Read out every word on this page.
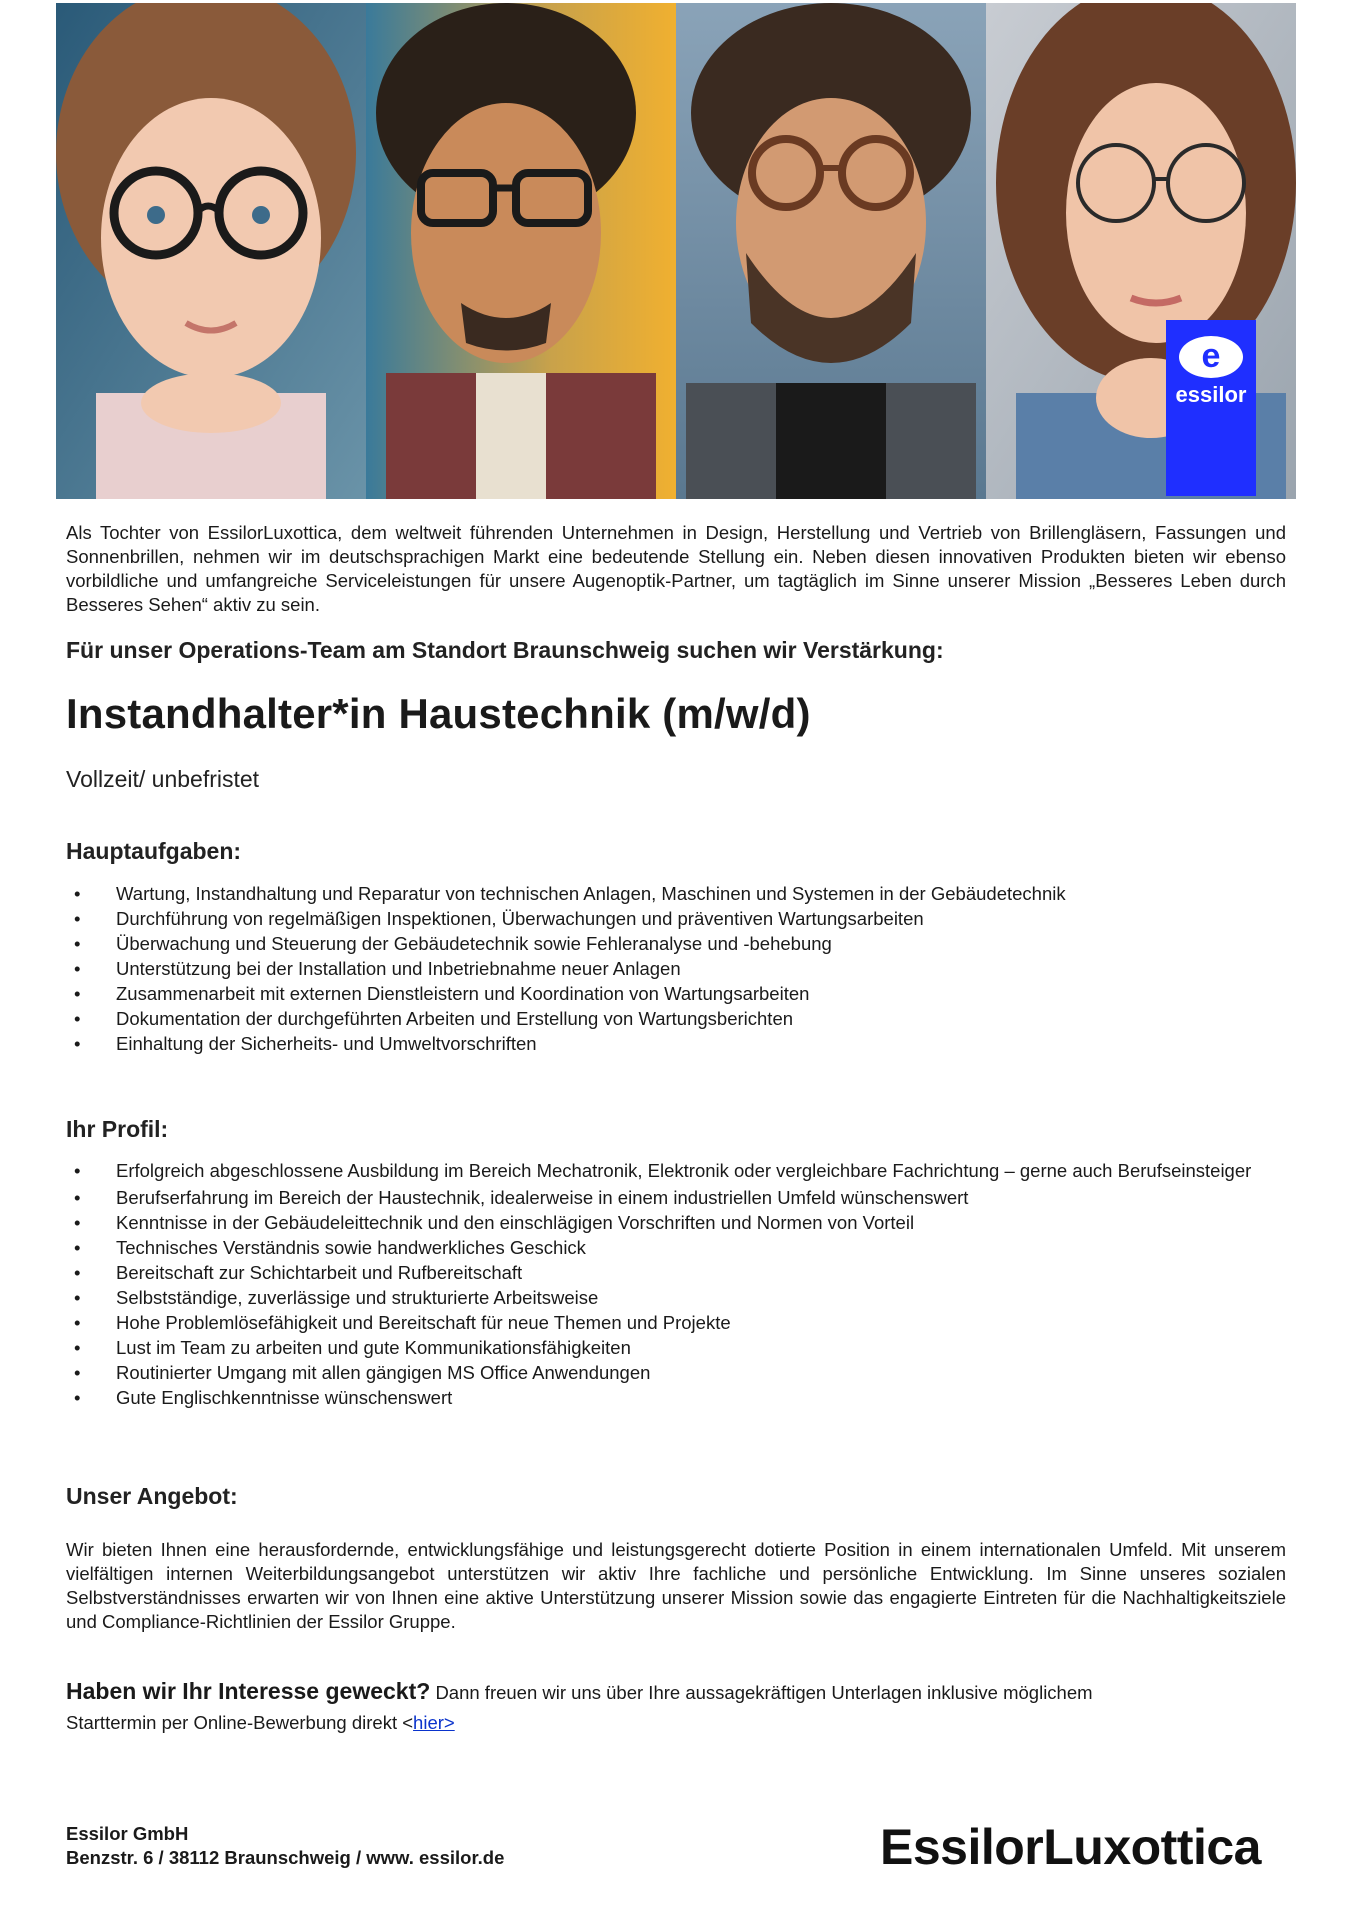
e
essilor

Als Tochter von EssilorLuxottica, dem weltweit führenden Unternehmen in Design, Herstellung und Vertrieb von Brillengläsern, Fassungen und Sonnenbrillen, nehmen wir im deutschsprachigen Markt eine bedeutende Stellung ein. Neben diesen innovativen Produkten bieten wir ebenso vorbildliche und umfangreiche Serviceleistungen für unsere Augenoptik-Partner, um tagtäglich im Sinne unserer Mission „Besseres Leben durch Besseres Sehen“ aktiv zu sein.

Für unser Operations-Team am Standort Braunschweig suchen wir Verstärkung:
Instandhalter*in Haustechnik (m/w/d)
Vollzeit/ unbefristet
Hauptaufgaben:
• Wartung, Instandhaltung und Reparatur von technischen Anlagen, Maschinen und Systemen in der Gebäudetechnik
• Durchführung von regelmäßigen Inspektionen, Überwachungen und präventiven Wartungsarbeiten
• Überwachung und Steuerung der Gebäudetechnik sowie Fehleranalyse und -behebung
• Unterstützung bei der Installation und Inbetriebnahme neuer Anlagen
• Zusammenarbeit mit externen Dienstleistern und Koordination von Wartungsarbeiten
• Dokumentation der durchgeführten Arbeiten und Erstellung von Wartungsberichten
• Einhaltung der Sicherheits- und Umweltvorschriften
Ihr Profil:
• Erfolgreich abgeschlossene Ausbildung im Bereich Mechatronik, Elektronik oder vergleichbare Fachrichtung – gerne auch Berufseinsteiger
• Berufserfahrung im Bereich der Haustechnik, idealerweise in einem industriellen Umfeld wünschenswert
• Kenntnisse in der Gebäudeleittechnik und den einschlägigen Vorschriften und Normen von Vorteil
• Technisches Verständnis sowie handwerkliches Geschick
• Bereitschaft zur Schichtarbeit und Rufbereitschaft
• Selbstständige, zuverlässige und strukturierte Arbeitsweise
• Hohe Problemlösefähigkeit und Bereitschaft für neue Themen und Projekte
• Lust im Team zu arbeiten und gute Kommunikationsfähigkeiten
• Routinierter Umgang mit allen gängigen MS Office Anwendungen
• Gute Englischkenntnisse wünschenswert
Unser Angebot:

Wir bieten Ihnen eine herausfordernde, entwicklungsfähige und leistungsgerecht dotierte Position in einem internationalen Umfeld. Mit unserem vielfältigen internen Weiterbildungsangebot unterstützen wir aktiv Ihre fachliche und persönliche Entwicklung. Im Sinne unseres sozialen Selbstverständnisses erwarten wir von Ihnen eine aktive Unterstützung unserer Mission sowie das engagierte Eintreten für die Nachhaltigkeitsziele und Compliance-Richtlinien der Essilor Gruppe.

Haben wir Ihr Interesse geweckt? Dann freuen wir uns über Ihre aussagekräftigen Unterlagen inklusive möglichem
Starttermin per Online-Bewerbung direkt <hier>
Essilor GmbH
Benzstr. 6 / 38112 Braunschweig / www. essilor.de	EssilorLuxottica
